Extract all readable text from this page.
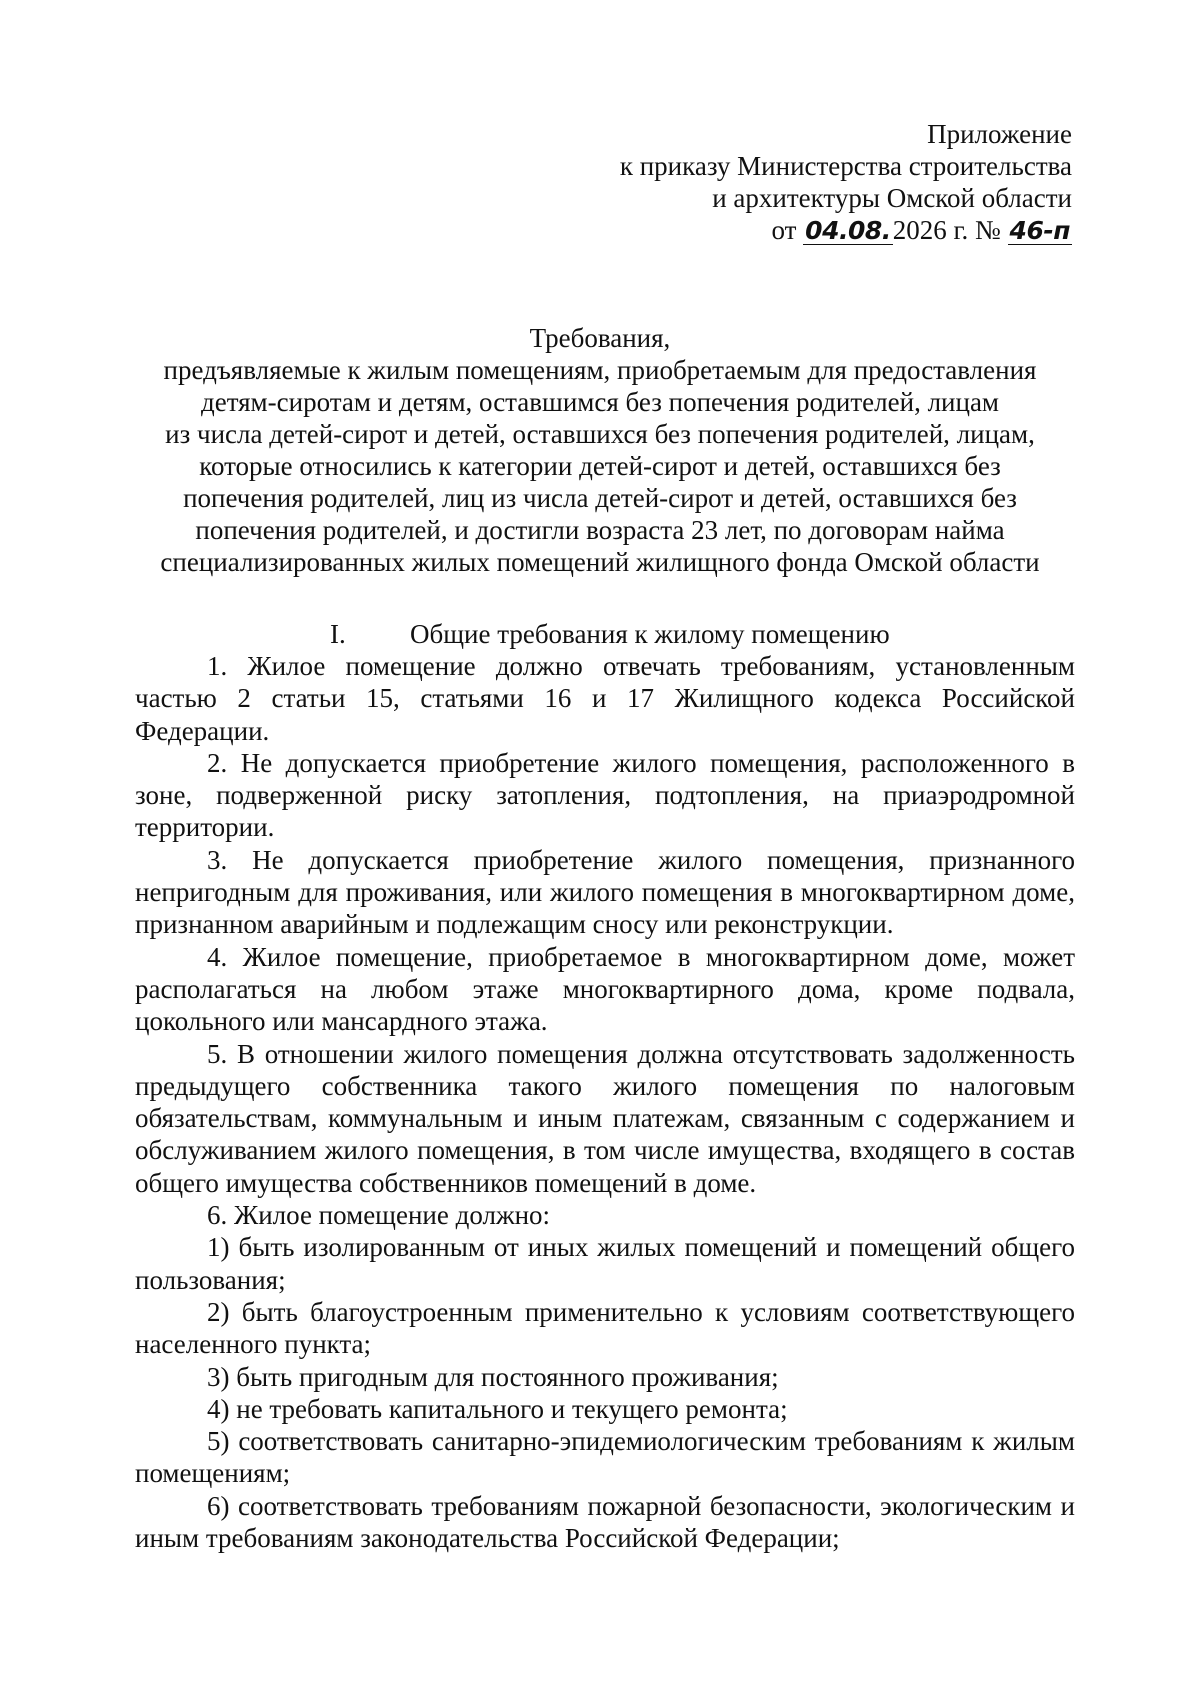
Приложение
к приказу Министерства строительства
и архитектуры Омской области
от 04.08.2026 г. № 46-п
Требования,
предъявляемые к жилым помещениям, приобретаемым для предоставления
детям-сиротам и детям, оставшимся без попечения родителей, лицам
из числа детей-сирот и детей, оставшихся без попечения родителей, лицам,
которые относились к категории детей-сирот и детей, оставшихся без
попечения родителей, лиц из числа детей-сирот и детей, оставшихся без
попечения родителей, и достигли возраста 23 лет, по договорам найма
специализированных жилых помещений жилищного фонда Омской области
I. Общие требования к жилому помещению

1. Жилое помещение должно отвечать требованиям, установленным частью 2 статьи 15, статьями 16 и 17 Жилищного кодекса Российской Федерации.

2. Не допускается приобретение жилого помещения, расположенного в зоне, подверженной риску затопления, подтопления, на приаэродромной территории.

3. Не допускается приобретение жилого помещения, признанного непригодным для проживания, или жилого помещения в многоквартирном доме, признанном аварийным и подлежащим сносу или реконструкции.

4. Жилое помещение, приобретаемое в многоквартирном доме, может располагаться на любом этаже многоквартирного дома, кроме подвала, цокольного или мансардного этажа.

5. В отношении жилого помещения должна отсутствовать задолженность предыдущего собственника такого жилого помещения по налоговым обязательствам, коммунальным и иным платежам, связанным с содержанием и обслуживанием жилого помещения, в том числе имущества, входящего в состав общего имущества собственников помещений в доме.

6. Жилое помещение должно:

1) быть изолированным от иных жилых помещений и помещений общего пользования;

2) быть благоустроенным применительно к условиям соответствующего населенного пункта;

3) быть пригодным для постоянного проживания;

4) не требовать капитального и текущего ремонта;

5) соответствовать санитарно-эпидемиологическим требованиям к жилым помещениям;

6) соответствовать требованиям пожарной безопасности, экологическим и иным требованиям законодательства Российской Федерации;
